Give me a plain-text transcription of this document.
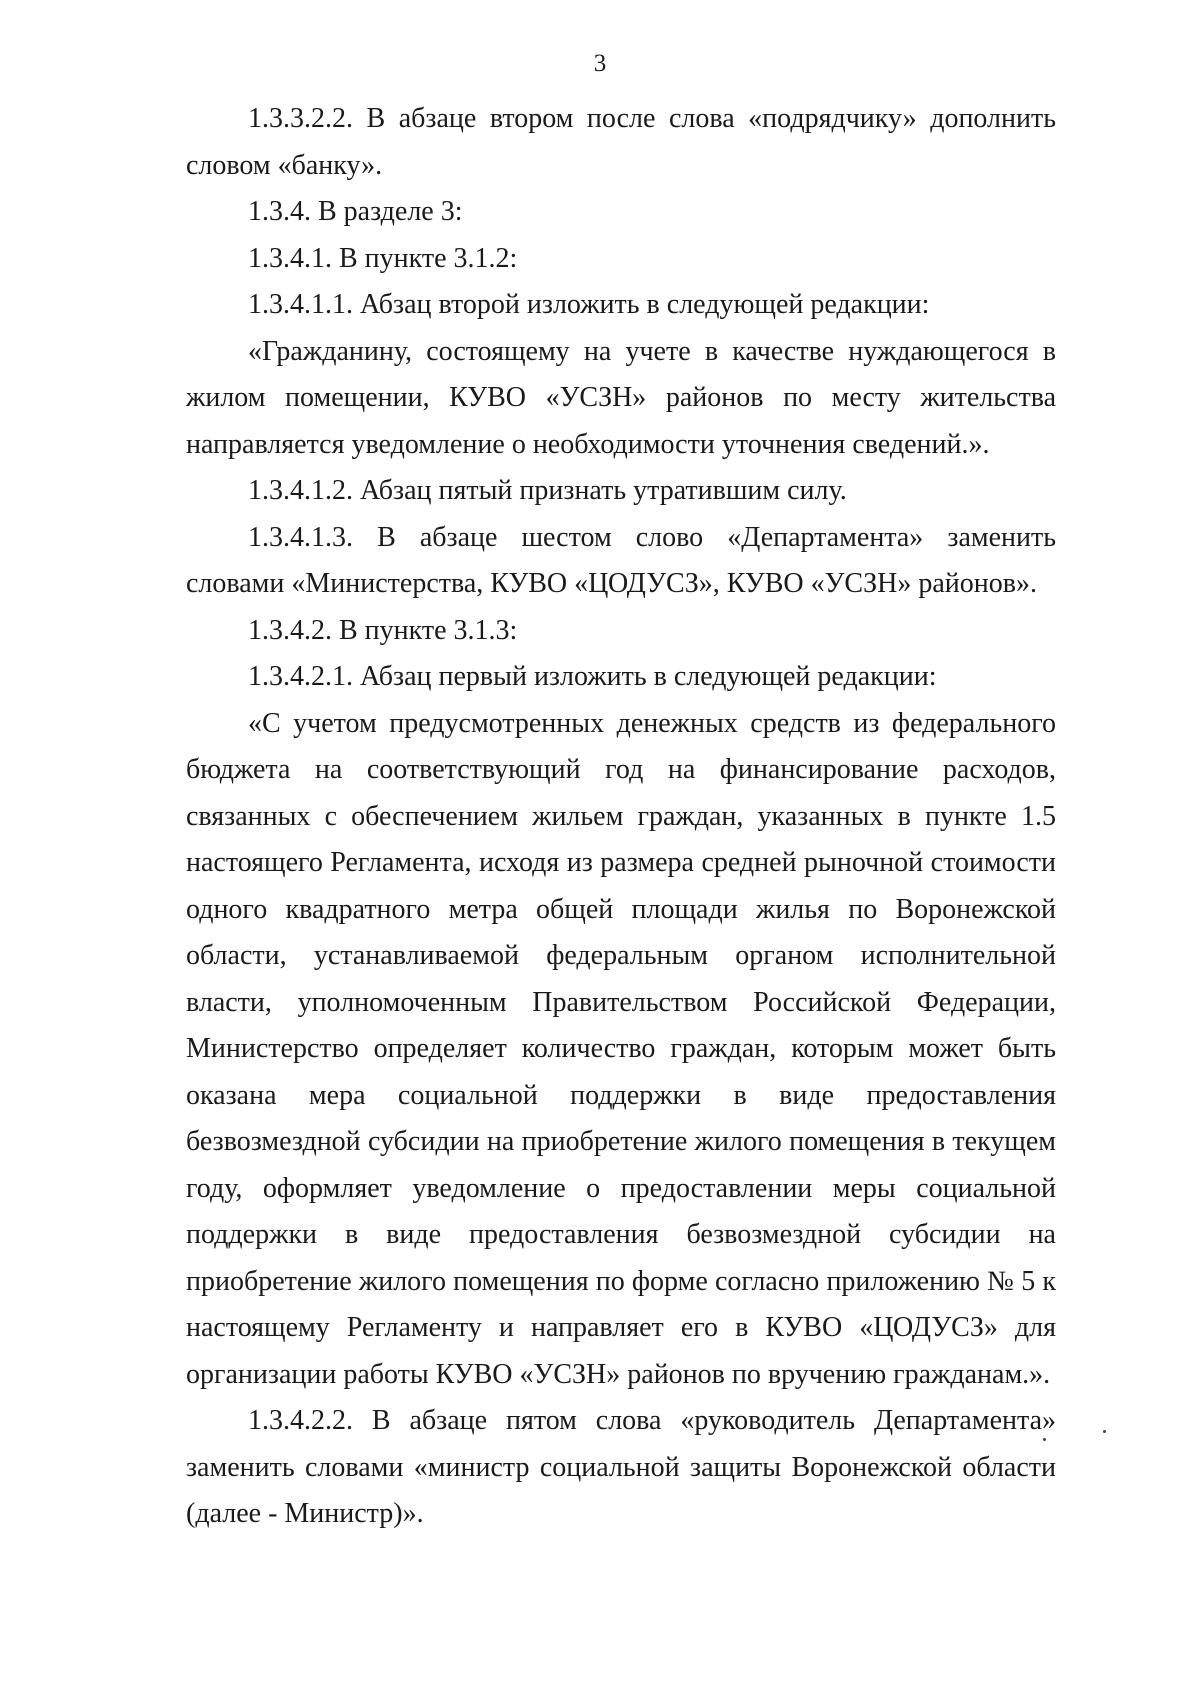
3

1.3.3.2.2. В абзаце втором после слова «подрядчику» дополнить словом «банку».

1.3.4. В разделе 3:

1.3.4.1. В пункте 3.1.2:

1.3.4.1.1. Абзац второй изложить в следующей редакции:

«Гражданину, состоящему на учете в качестве нуждающегося в жилом помещении, КУВО «УСЗН» районов по месту жительства направляется уведомление о необходимости уточнения сведений.».

1.3.4.1.2. Абзац пятый признать утратившим силу.

1.3.4.1.3. В абзаце шестом слово «Департамента» заменить словами «Министерства, КУВО «ЦОДУСЗ», КУВО «УСЗН» районов».

1.3.4.2. В пункте 3.1.3:

1.3.4.2.1. Абзац первый изложить в следующей редакции:

«С учетом предусмотренных денежных средств из федерального бюджета на соответствующий год на финансирование расходов, связанных с обеспечением жильем граждан, указанных в пункте 1.5 настоящего Регламента, исходя из размера средней рыночной стоимости одного квадратного метра общей площади жилья по Воронежской области, устанавливаемой федеральным органом исполнительной власти, уполномоченным Правительством Российской Федерации, Министерство определяет количество граждан, которым может быть оказана мера социальной поддержки в виде предоставления безвозмездной субсидии на приобретение жилого помещения в текущем году, оформляет уведомление о предоставлении меры социальной поддержки в виде предоставления безвозмездной субсидии на приобретение жилого помещения по форме согласно приложению № 5 к настоящему Регламенту и направляет его в КУВО «ЦОДУСЗ» для организации работы КУВО «УСЗН» районов по вручению гражданам.».

1.3.4.2.2. В абзаце пятом слова «руководитель Департамента» заменить словами «министр социальной защиты Воронежской области (далее - Министр)».
